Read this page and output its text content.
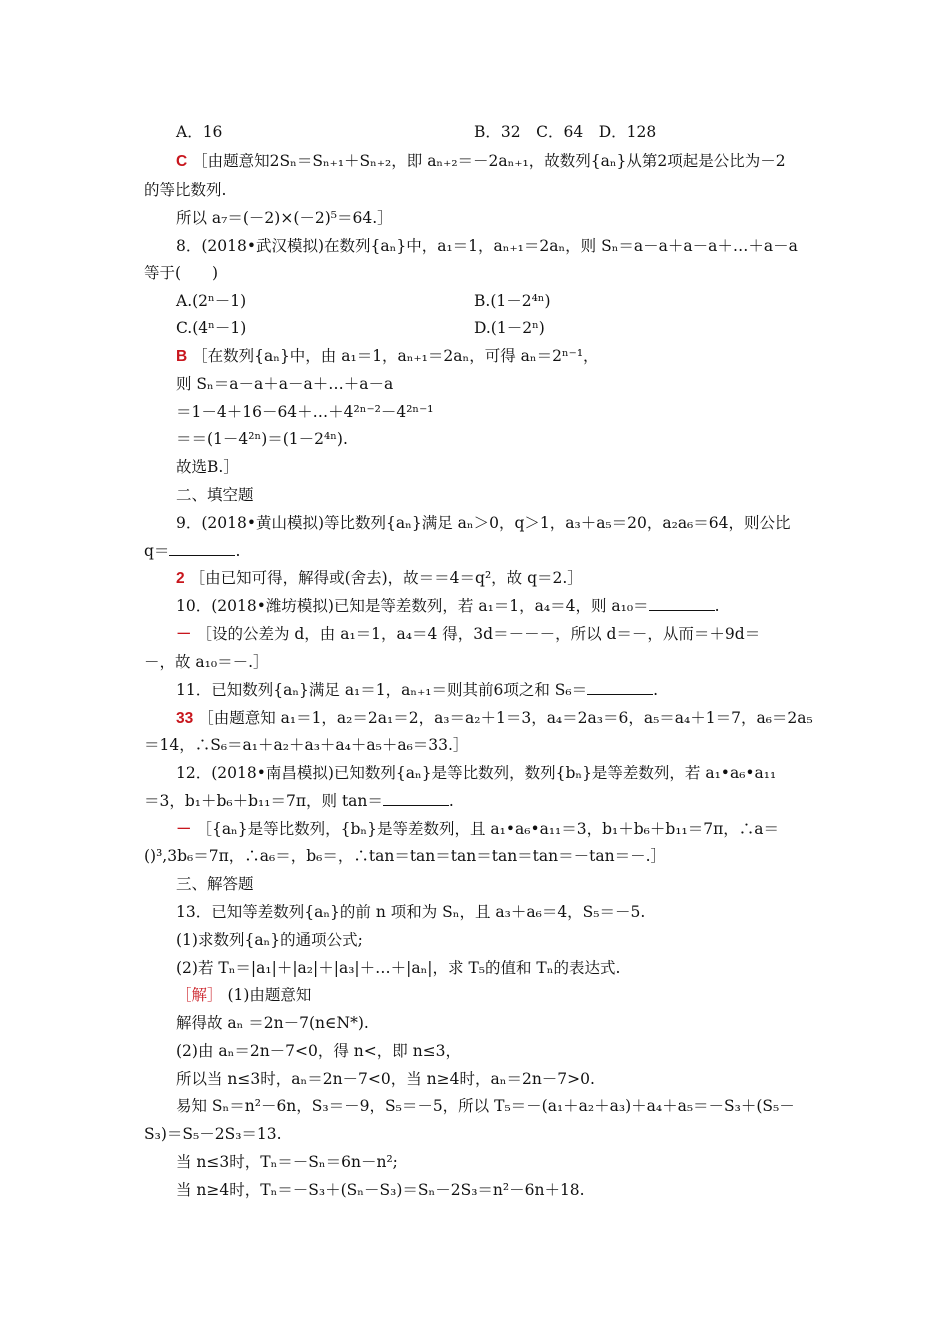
A．16	B．32　C．64　D．128
C ［由题意知2Sₙ＝Sₙ₊₁＋Sₙ₊₂，即 aₙ₊₂＝－2aₙ₊₁，故数列{aₙ}从第2项起是公比为－2
的等比数列.
所以 a₇＝(－2)×(－2)⁵＝64.］
8．(2018•武汉模拟)在数列{aₙ}中，a₁＝1，aₙ₊₁＝2aₙ，则 Sₙ＝a－a＋a－a＋…＋a－a
等于(　　)
A.(2ⁿ－1)	B.(1－2⁴ⁿ)
C.(4ⁿ－1)	D.(1－2ⁿ)
B ［在数列{aₙ}中，由 a₁＝1，aₙ₊₁＝2aₙ，可得 aₙ＝2ⁿ⁻¹，
则 Sₙ＝a－a＋a－a＋…＋a－a
＝1－4＋16－64＋…＋4²ⁿ⁻²－4²ⁿ⁻¹
＝＝(1－4²ⁿ)＝(1－2⁴ⁿ).
故选B.］
二、填空题
9．(2018•黄山模拟)等比数列{aₙ}满足 aₙ＞0，q＞1，a₃＋a₅＝20，a₂a₆＝64，则公比
q＝	.
2 ［由已知可得，解得或(舍去)，故＝＝4＝q²，故 q＝2.］
10．(2018•潍坊模拟)已知是等差数列，若 a₁＝1，a₄＝4，则 a₁₀＝	.
－ ［设的公差为 d，由 a₁＝1，a₄＝4 得，3d＝－－－，所以 d＝－，从而＝＋9d＝
－，故 a₁₀＝－.］
11．已知数列{aₙ}满足 a₁＝1，aₙ₊₁＝则其前6项之和 S₆＝	.
33 ［由题意知 a₁＝1，a₂＝2a₁＝2，a₃＝a₂＋1＝3，a₄＝2a₃＝6，a₅＝a₄＋1＝7，a₆＝2a₅
＝14，∴S₆＝a₁＋a₂＋a₃＋a₄＋a₅＋a₆＝33.］
12．(2018•南昌模拟)已知数列{aₙ}是等比数列，数列{bₙ}是等差数列，若 a₁•a₆•a₁₁
＝3，b₁＋b₆＋b₁₁＝7π，则 tan＝	.
－ ［{aₙ}是等比数列，{bₙ}是等差数列，且 a₁•a₆•a₁₁＝3，b₁＋b₆＋b₁₁＝7π，∴a＝
()³,3b₆＝7π，∴a₆＝，b₆＝，∴tan＝tan＝tan＝tan＝tan＝－tan＝－.］
三、解答题
13．已知等差数列{aₙ}的前 n 项和为 Sₙ，且 a₃＋a₆＝4，S₅＝－5.
(1)求数列{aₙ}的通项公式;
(2)若 Tₙ＝|a₁|＋|a₂|＋|a₃|＋…＋|aₙ|，求 T₅的值和 Tₙ的表达式.
［解］ (1)由题意知
解得故 aₙ ＝2n－7(n∈N*).
(2)由 aₙ＝2n－7<0，得 n<，即 n≤3，
所以当 n≤3时，aₙ＝2n－7<0，当 n≥4时，aₙ＝2n－7>0.
易知 Sₙ＝n²－6n，S₃＝－9，S₅＝－5，所以 T₅＝－(a₁＋a₂＋a₃)＋a₄＋a₅＝－S₃＋(S₅－
S₃)＝S₅－2S₃＝13.
当 n≤3时，Tₙ＝－Sₙ＝6n－n²;
当 n≥4时，Tₙ＝－S₃＋(Sₙ－S₃)＝Sₙ－2S₃＝n²－6n＋18.
